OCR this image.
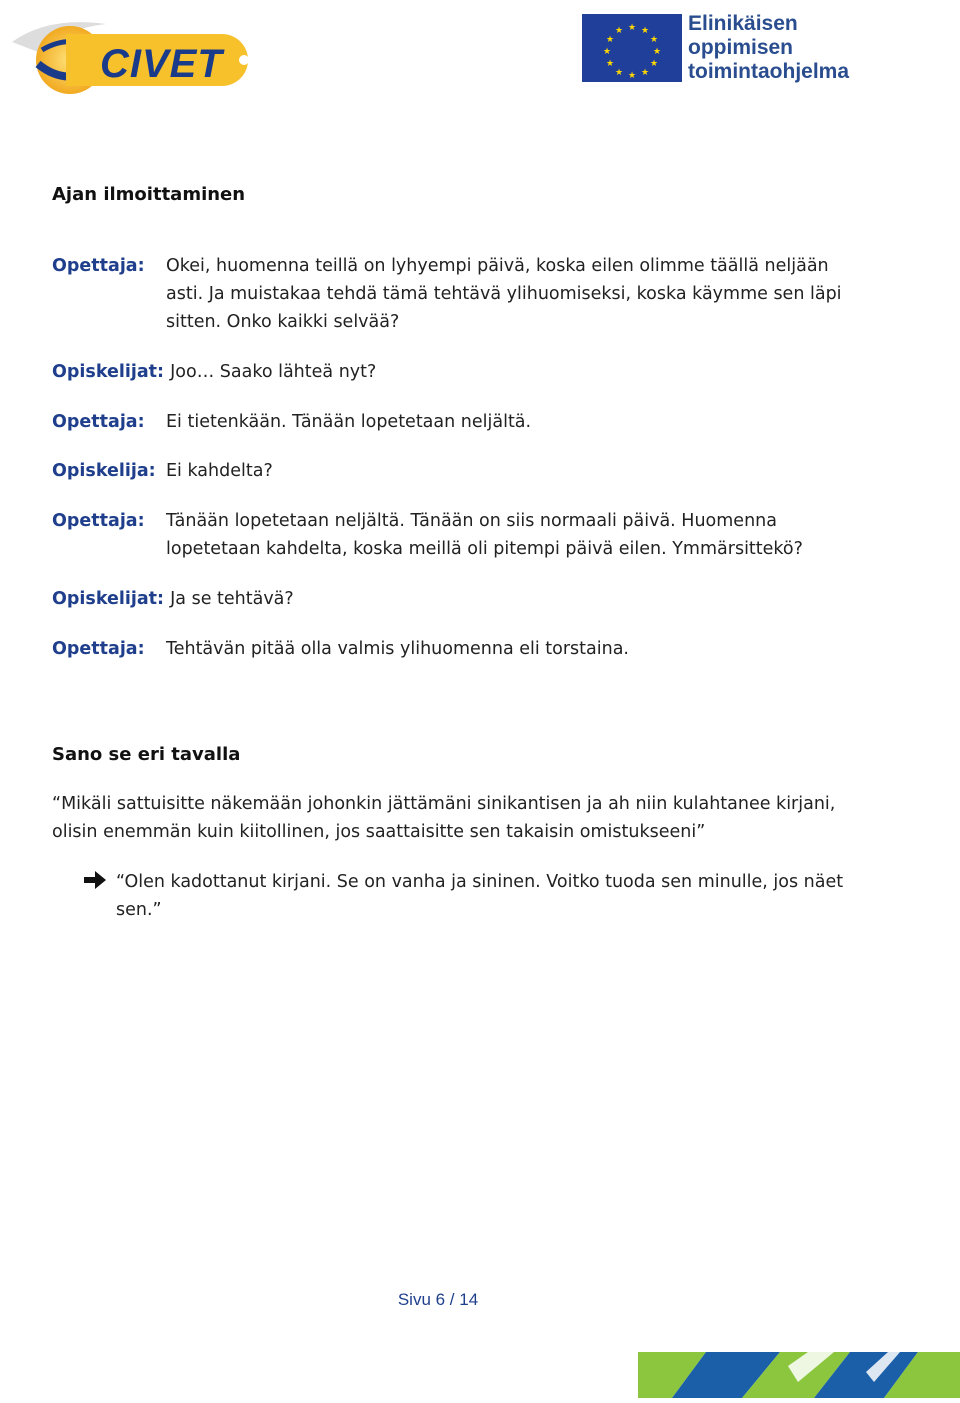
CIVET
★ ★
★
★
★
★
★
★
★
★
★
★	Elinikäisen
oppimisen
toimintaohjelma
Ajan ilmoittaminen
Opettaja: Okei, huomenna teillä on lyhyempi päivä, koska eilen olimme täällä neljään asti. Ja muistakaa tehdä tämä tehtävä ylihuomiseksi, koska käymme sen läpi sitten. Onko kaikki selvää?
Opiskelijat: Joo… Saako lähteä nyt?
Opettaja: Ei tietenkään. Tänään lopetetaan neljältä.
Opiskelija: Ei kahdelta?
Opettaja: Tänään lopetetaan neljältä. Tänään on siis normaali päivä. Huomenna lopetetaan kahdelta, koska meillä oli pitempi päivä eilen. Ymmärsittekö?
Opiskelijat: Ja se tehtävä?
Opettaja: Tehtävän pitää olla valmis ylihuomenna eli torstaina.
Sano se eri tavalla
“Mikäli sattuisitte näkemään johonkin jättämäni sinikantisen ja ah niin kulahtanee kirjani, olisin enemmän kuin kiitollinen, jos saattaisitte sen takaisin omistukseeni”
“Olen kadottanut kirjani. Se on vanha ja sininen. Voitko tuoda sen minulle, jos näet sen.”
Sivu 6 / 14
